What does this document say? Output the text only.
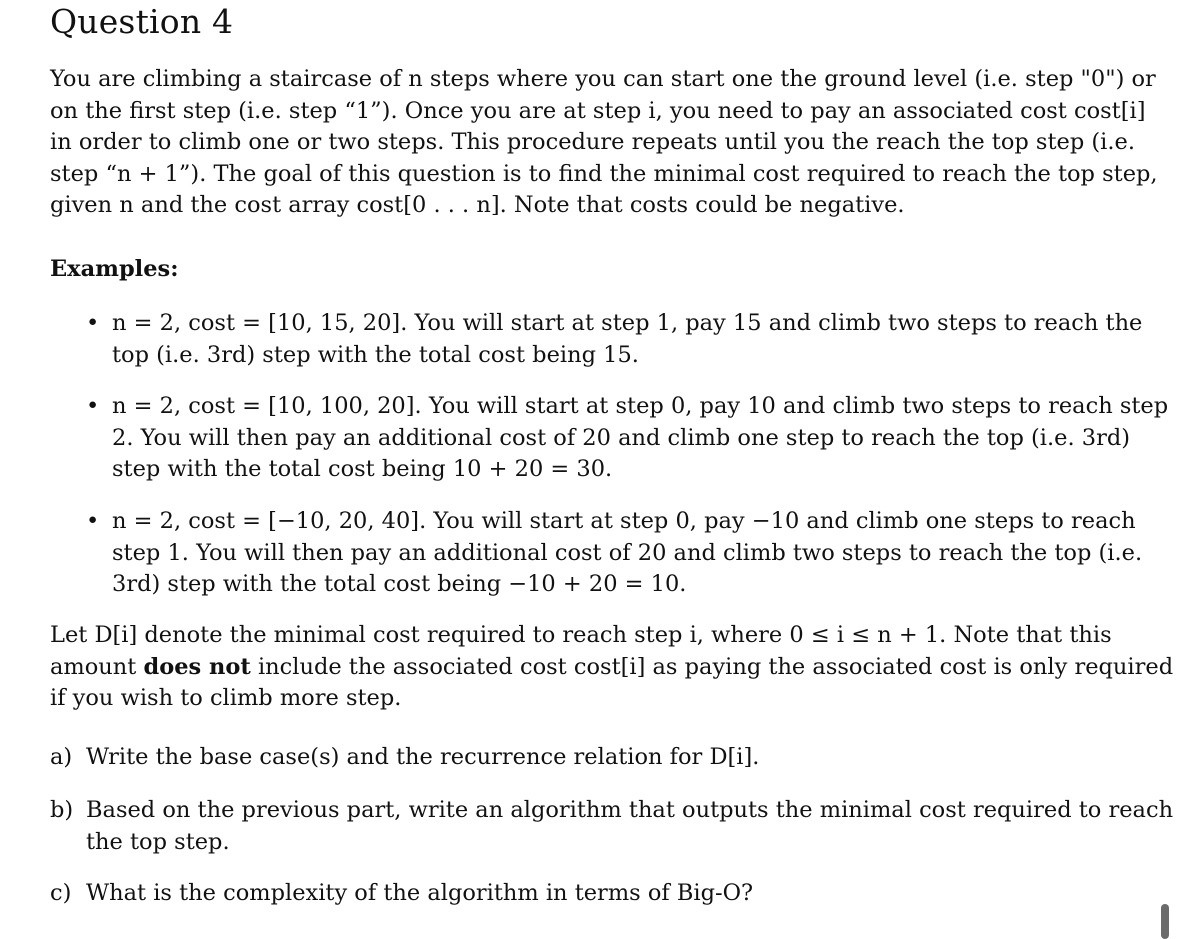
Question 4
You are climbing a staircase of n steps where you can start one the ground level (i.e. step "0") or
on the first step (i.e. step “1”). Once you are at step i, you need to pay an associated cost cost[i]
in order to climb one or two steps. This procedure repeats until you the reach the top step (i.e.
step “n + 1”). The goal of this question is to find the minimal cost required to reach the top step,
given n and the cost array cost[0 . . . n]. Note that costs could be negative.
Examples:
• n = 2, cost = [10, 15, 20]. You will start at step 1, pay 15 and climb two steps to reach the
top (i.e. 3rd) step with the total cost being 15.
• n = 2, cost = [10, 100, 20]. You will start at step 0, pay 10 and climb two steps to reach step
2. You will then pay an additional cost of 20 and climb one step to reach the top (i.e. 3rd)
step with the total cost being 10 + 20 = 30.
• n = 2, cost = [−10, 20, 40]. You will start at step 0, pay −10 and climb one steps to reach
step 1. You will then pay an additional cost of 20 and climb two steps to reach the top (i.e.
3rd) step with the total cost being −10 + 20 = 10.
Let D[i] denote the minimal cost required to reach step i, where 0 ≤ i ≤ n + 1. Note that this
amount does not include the associated cost cost[i] as paying the associated cost is only required
if you wish to climb more step.
a) Write the base case(s) and the recurrence relation for D[i].
b) Based on the previous part, write an algorithm that outputs the minimal cost required to reach
the top step.
c) What is the complexity of the algorithm in terms of Big-O?
